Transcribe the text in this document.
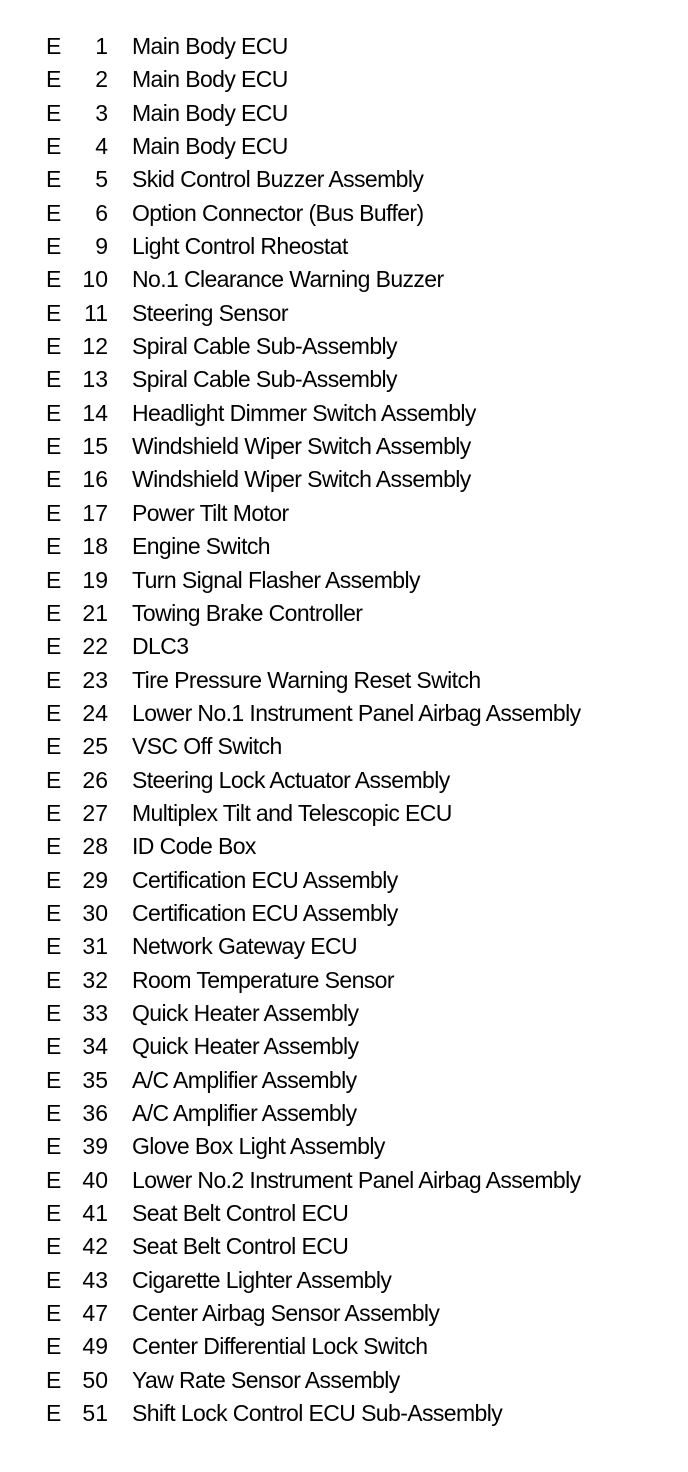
E	1 Main Body ECU
E	2 Main Body ECU
E	3 Main Body ECU
E	4 Main Body ECU
E	5 Skid Control Buzzer Assembly
E	6 Option Connector (Bus Buffer)
E	9 Light Control Rheostat
E 10 No.1 Clearance Warning Buzzer
E 11 Steering Sensor
E 12 Spiral Cable Sub-Assembly
E 13 Spiral Cable Sub-Assembly
E 14 Headlight Dimmer Switch Assembly
E 15 Windshield Wiper Switch Assembly
E 16 Windshield Wiper Switch Assembly
E 17 Power Tilt Motor
E 18 Engine Switch
E 19 Turn Signal Flasher Assembly
E 21 Towing Brake Controller
E 22 DLC3
E 23 Tire Pressure Warning Reset Switch
E 24 Lower No.1 Instrument Panel Airbag Assembly
E 25 VSC Off Switch
E 26 Steering Lock Actuator Assembly
E 27 Multiplex Tilt and Telescopic ECU
E 28 ID Code Box
E 29 Certification ECU Assembly
E 30 Certification ECU Assembly
E 31 Network Gateway ECU
E 32 Room Temperature Sensor
E 33 Quick Heater Assembly
E 34 Quick Heater Assembly
E 35 A/C Amplifier Assembly
E 36 A/C Amplifier Assembly
E 39 Glove Box Light Assembly
E 40 Lower No.2 Instrument Panel Airbag Assembly
E 41 Seat Belt Control ECU
E 42 Seat Belt Control ECU
E 43 Cigarette Lighter Assembly
E 47 Center Airbag Sensor Assembly
E 49 Center Differential Lock Switch
E 50 Yaw Rate Sensor Assembly
E 51 Shift Lock Control ECU Sub-Assembly
